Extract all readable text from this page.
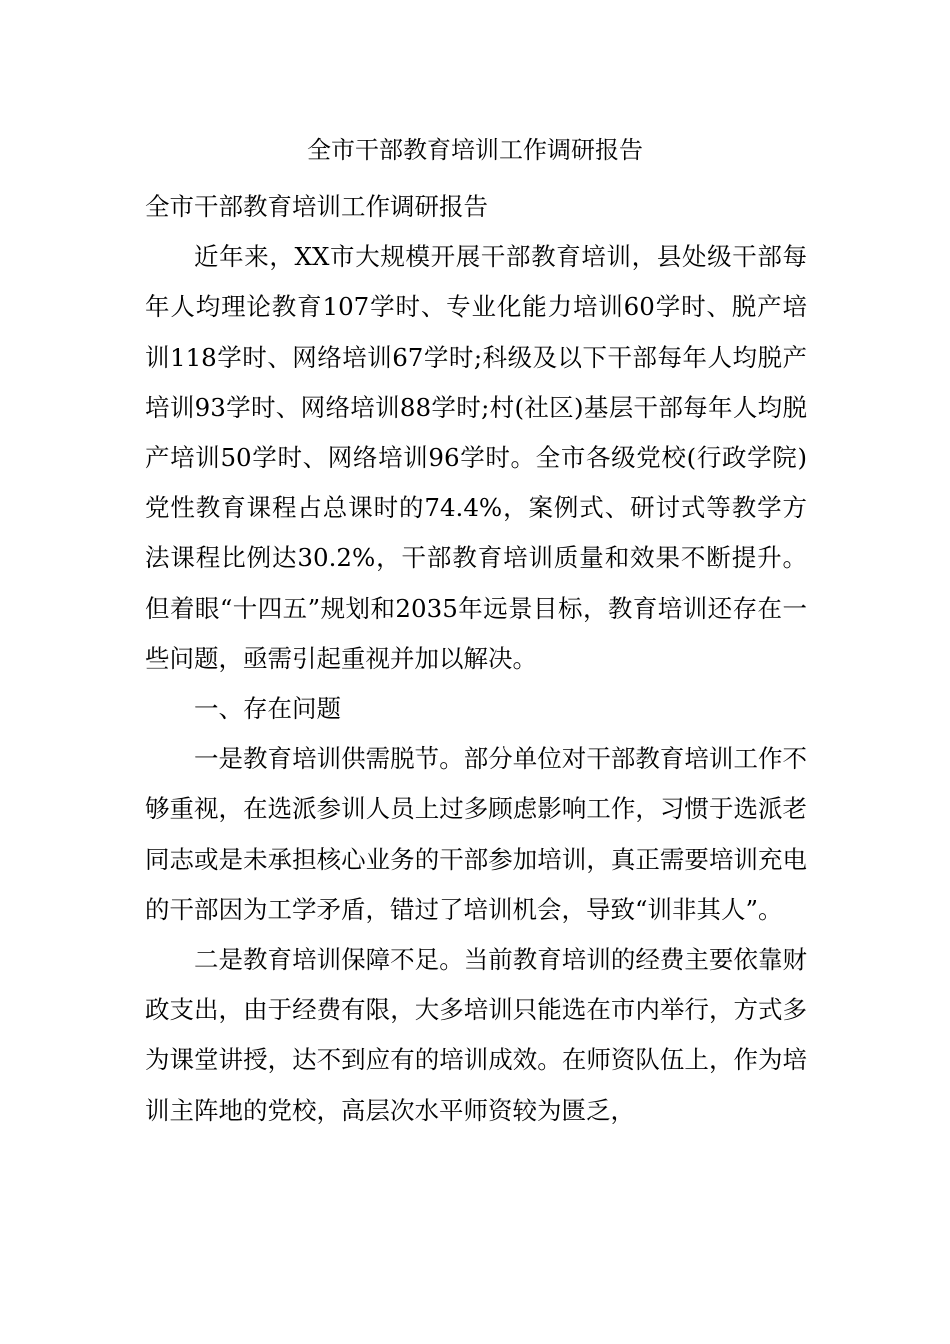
全市干部教育培训工作调研报告

全市干部教育培训工作调研报告

近年来，XX市大规模开展干部教育培训，县处级干部每年人均理论教育107学时、专业化能力培训60学时、脱产培训118学时、网络培训67学时;科级及以下干部每年人均脱产培训93学时、网络培训88学时;村(社区)基层干部每年人均脱产培训50学时、网络培训96学时。全市各级党校(行政学院)党性教育课程占总课时的74.4%，案例式、研讨式等教学方法课程比例达30.2%，干部教育培训质量和效果不断提升。但着眼“十四五”规划和2035年远景目标，教育培训还存在一些问题，亟需引起重视并加以解决。

一、存在问题

一是教育培训供需脱节。部分单位对干部教育培训工作不够重视，在选派参训人员上过多顾虑影响工作，习惯于选派老同志或是未承担核心业务的干部参加培训，真正需要培训充电的干部因为工学矛盾，错过了培训机会，导致“训非其人”。

二是教育培训保障不足。当前教育培训的经费主要依靠财政支出，由于经费有限，大多培训只能选在市内举行，方式多为课堂讲授，达不到应有的培训成效。在师资队伍上，作为培训主阵地的党校，高层次水平师资较为匮乏，
